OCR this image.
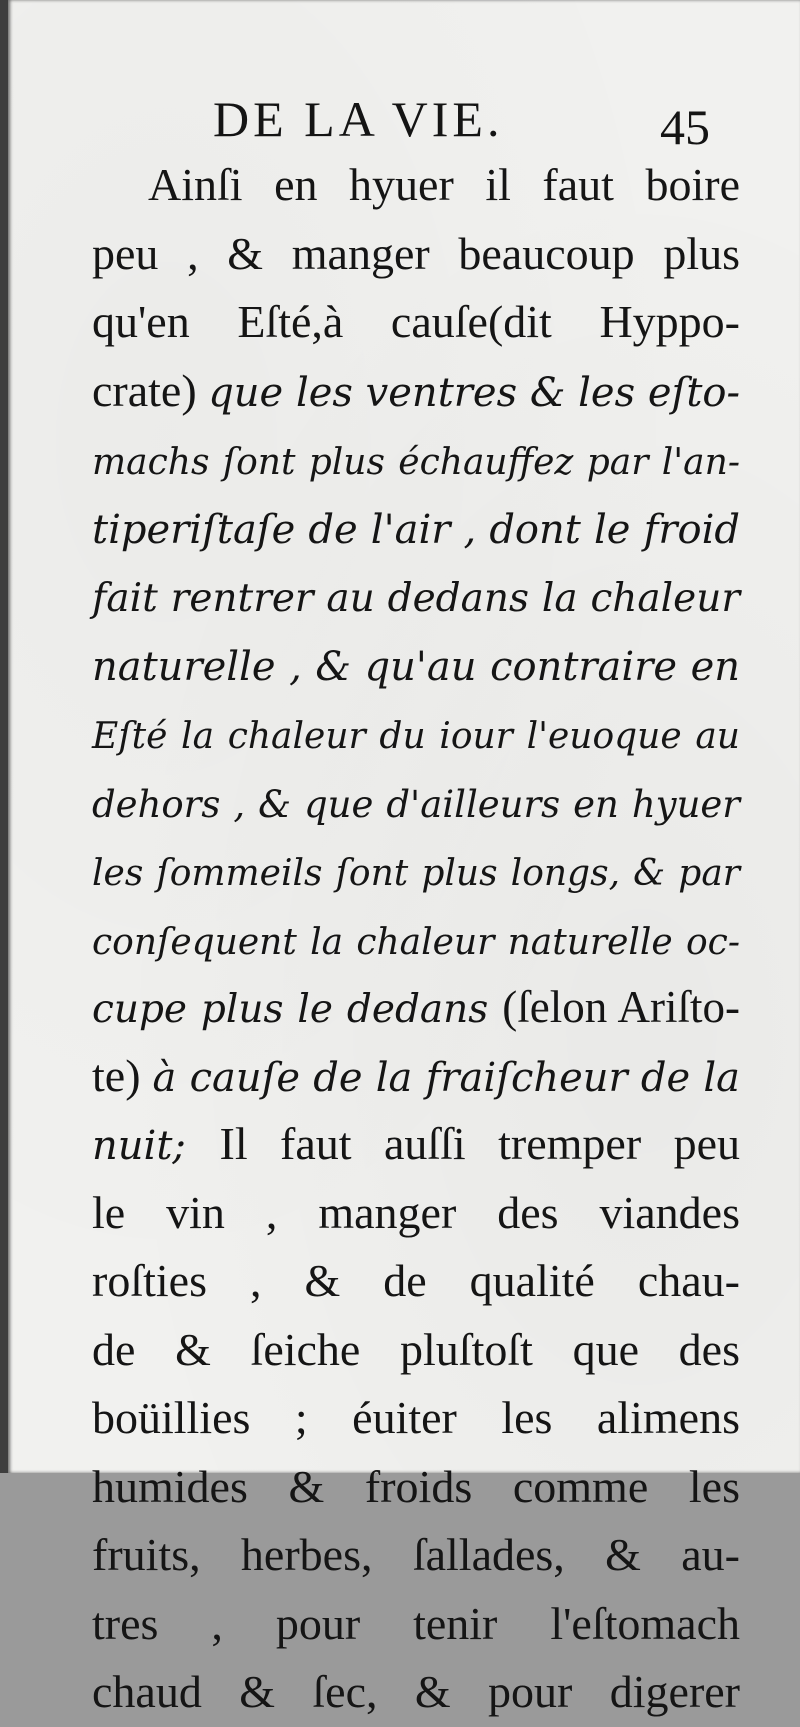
DE LA VIE.	45
Ainſi en hyuer il faut boire
peu , & manger beaucoup plus
qu'en Eſté,à cauſe(dit Hyppo-
crate) que les ventres & les eſto-
machs ſont plus échauffez par l'an-
tiperiſtaſe de l'air , dont le froid
fait rentrer au dedans la chaleur
naturelle , & qu'au contraire en
Eſté la chaleur du iour l'euoque au
dehors , & que d'ailleurs en hyuer
les ſommeils ſont plus longs, & par
conſequent la chaleur naturelle oc-
cupe plus le dedans (ſelon Ariſto-
te) à cauſe de la fraiſcheur de la
nuit; Il faut auſſi tremper peu
le vin , manger des viandes
roſties , & de qualité chau-
de & ſeiche pluſtoſt que des
boüillies ; éuiter les alimens
humides & froids comme les
fruits, herbes, ſallades, & au-
tres , pour tenir l'eſtomach
chaud & ſec, & pour digerer
